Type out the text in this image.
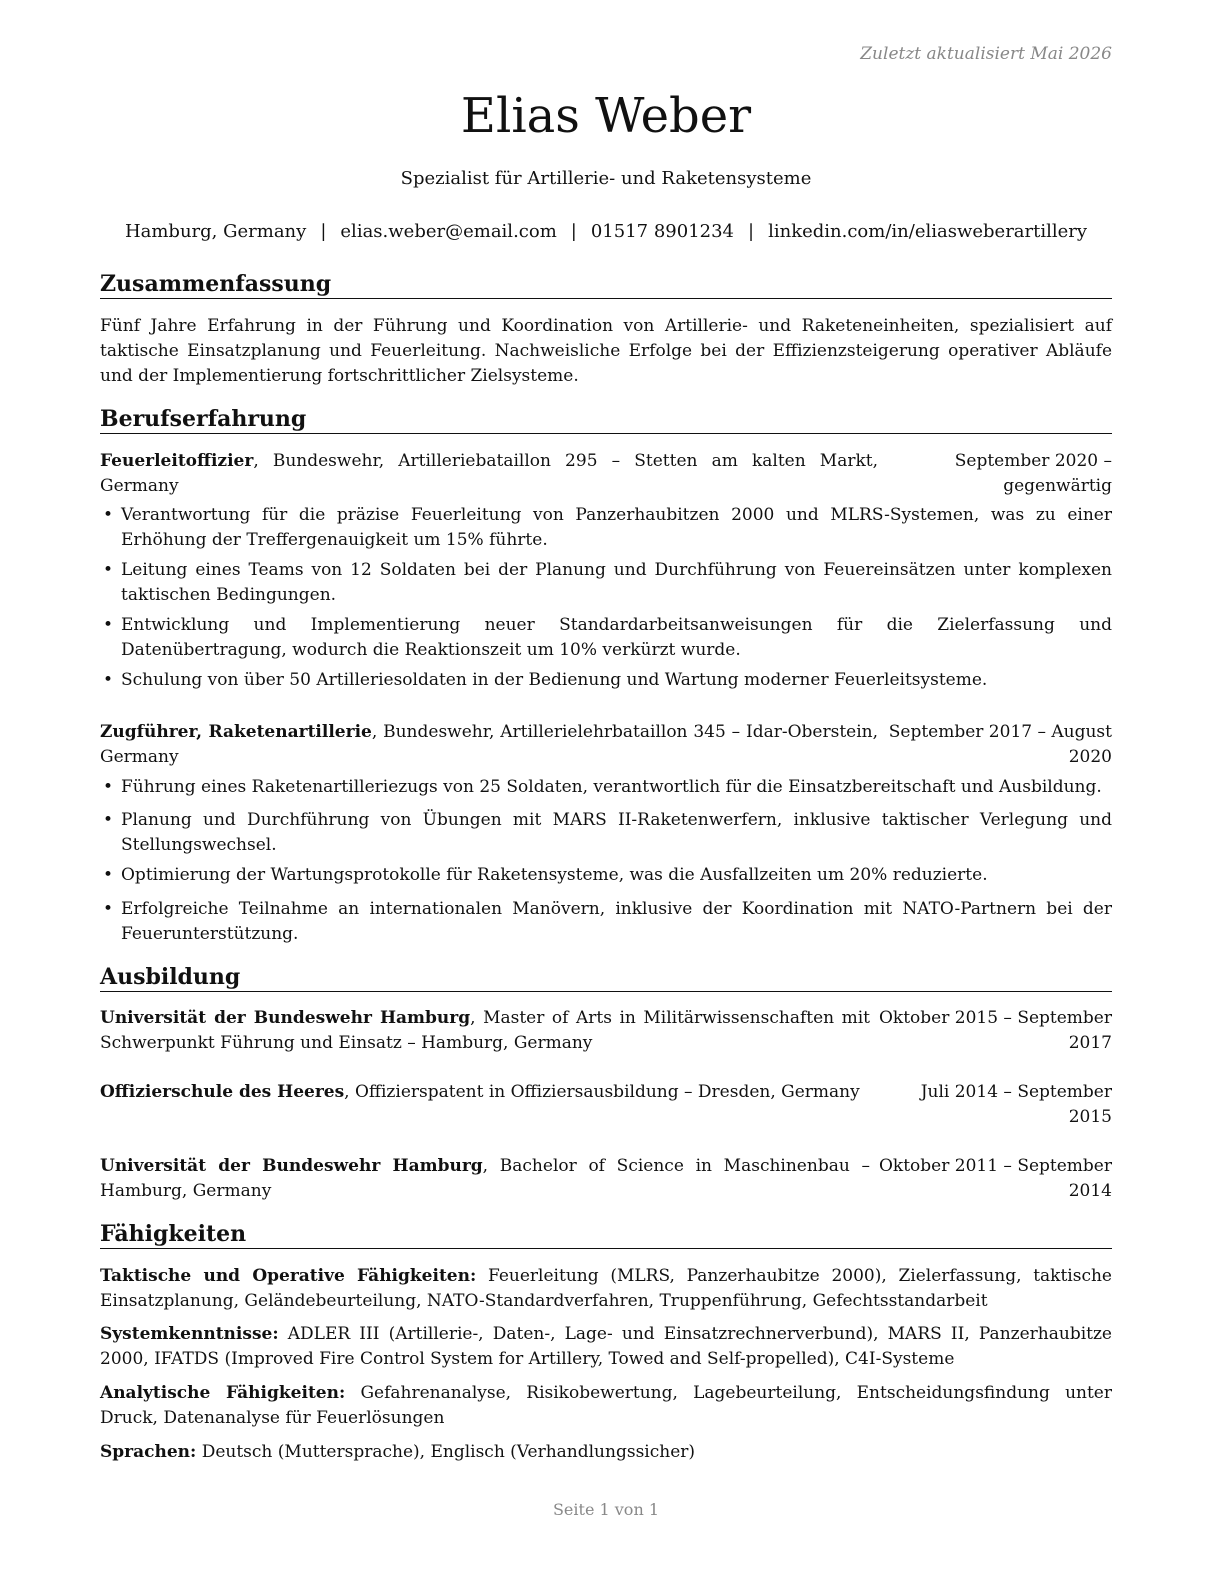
Zuletzt aktualisiert Mai 2026
Elias Weber
Spezialist für Artillerie- und Raketensysteme
Hamburg, Germany | elias.weber@email.com | 01517 8901234 | linkedin.com/in/eliasweberartillery
Zusammenfassung
Fünf Jahre Erfahrung in der Führung und Koordination von Artillerie- und Raketeneinheiten, spezialisiert auf taktische Einsatzplanung und Feuerleitung. Nachweisliche Erfolge bei der Effizienzsteigerung operativer Abläufe und der Implementierung fortschrittlicher Zielsysteme.
Berufserfahrung
Feuerleitoffizier, Bundeswehr, Artilleriebataillon 295 – Stetten am kalten Markt, Germany
September 2020 – gegenwärtig
• Verantwortung für die präzise Feuerleitung von Panzerhaubitzen 2000 und MLRS-Systemen, was zu einer Erhöhung der Treffergenauigkeit um 15% führte.
• Leitung eines Teams von 12 Soldaten bei der Planung und Durchführung von Feuereinsätzen unter komplexen taktischen Bedingungen.
• Entwicklung und Implementierung neuer Standardarbeitsanweisungen für die Zielerfassung und Datenübertragung, wodurch die Reaktionszeit um 10% verkürzt wurde.
• Schulung von über 50 Artilleriesoldaten in der Bedienung und Wartung moderner Feuerleitsysteme.
Zugführer, Raketenartillerie, Bundeswehr, Artillerielehrbataillon 345 – Idar-Oberstein, Germany
September 2017 – August 2020
• Führung eines Raketenartilleriezugs von 25 Soldaten, verantwortlich für die Einsatzbereitschaft und Ausbildung.
• Planung und Durchführung von Übungen mit MARS II-Raketenwerfern, inklusive taktischer Verlegung und Stellungswechsel.
• Optimierung der Wartungsprotokolle für Raketensysteme, was die Ausfallzeiten um 20% reduzierte.
• Erfolgreiche Teilnahme an internationalen Manövern, inklusive der Koordination mit NATO-Partnern bei der Feuerunterstützung.
Ausbildung
Universität der Bundeswehr Hamburg, Master of Arts in Militärwissenschaften mit Schwerpunkt Führung und Einsatz – Hamburg, Germany
Oktober 2015 – September 2017
Offizierschule des Heeres, Offizierspatent in Offiziersausbildung – Dresden, Germany	Juli 2014 – September 2015
Universität der Bundeswehr Hamburg, Bachelor of Science in Maschinenbau – Hamburg, Germany
Oktober 2011 – September 2014
Fähigkeiten
Taktische und Operative Fähigkeiten: Feuerleitung (MLRS, Panzerhaubitze 2000), Zielerfassung, taktische Einsatzplanung, Geländebeurteilung, NATO-Standardverfahren, Truppenführung, Gefechtsstandarbeit
Systemkenntnisse: ADLER III (Artillerie-, Daten-, Lage- und Einsatzrechnerverbund), MARS II, Panzerhaubitze 2000, IFATDS (Improved Fire Control System for Artillery, Towed and Self-propelled), C4I-Systeme
Analytische Fähigkeiten: Gefahrenanalyse, Risikobewertung, Lagebeurteilung, Entscheidungsfindung unter Druck, Datenanalyse für Feuerlösungen
Sprachen: Deutsch (Muttersprache), Englisch (Verhandlungssicher)
Seite 1 von 1
